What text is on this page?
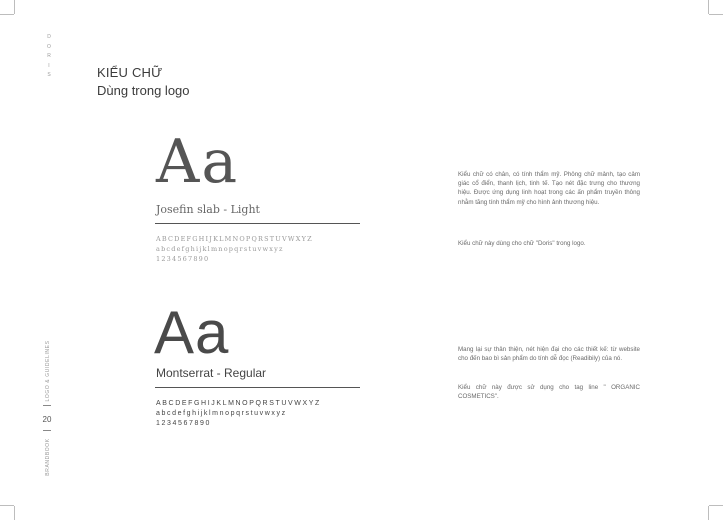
D
O
R
I
S
LOGO & GUIDELINES
20
BRANDBOOK
KIỂU CHỮ
Dùng trong logo
Aa
Josefin slab - Light
ABCDEFGHIJKLMNOPQRSTUVWXYZ
abcdefghijklmnopqrstuvwxyz
1234567890
Kiểu chữ có chân, có tính thẩm mỹ. Phông chữ mảnh, tạo cảm giác cổ điển, thanh lịch, tinh tế. Tạo nét đặc trưng cho thương hiệu. Được ứng dụng linh hoạt trong các ấn phẩm truyền thông nhằm tăng tính thẩm mỹ cho hình ảnh thương hiệu.
Kiểu chữ này dùng cho chữ "Doris" trong logo.
Aa
Montserrat - Regular
ABCDEFGHIJKLMNOPQRSTUVWXYZ
abcdefghijklmnopqrstuvwxyz
1234567890
Mang lại sự thân thiện, nét hiện đại cho các thiết kế: từ website cho đến bao bì sản phẩm do tính dễ đọc (Readibily) của nó.
Kiểu chữ này được sử dụng cho tag line " ORGANIC COSMETICS".
